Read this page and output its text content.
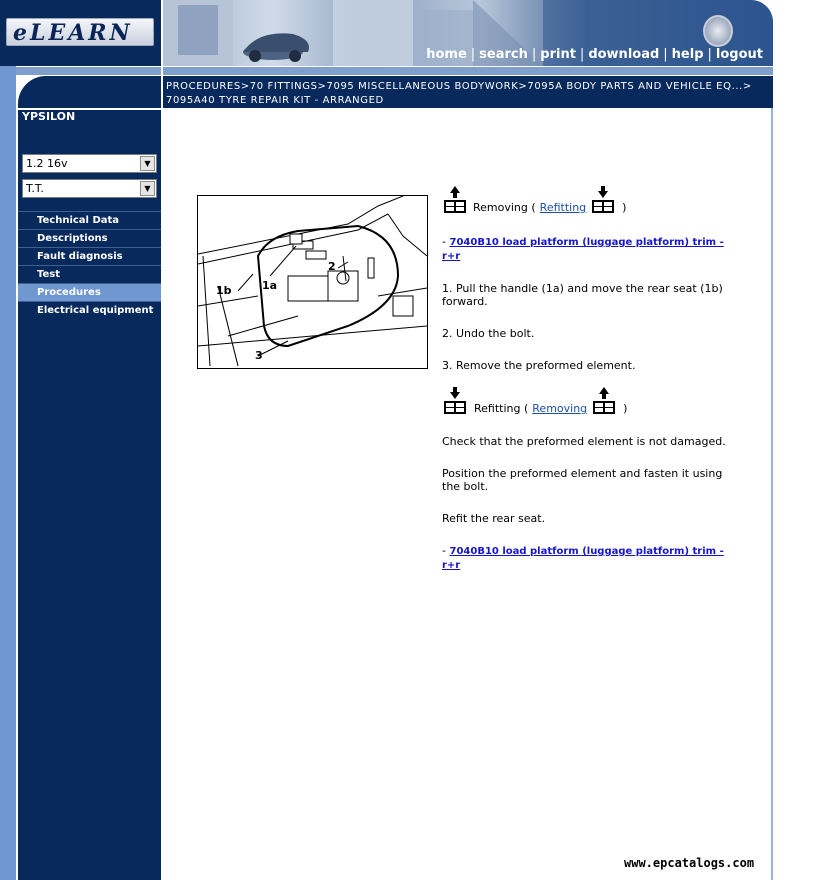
eLEARN
home | search | print | download | help | logout
YPSILON
1.2 16v	▼
T.T.	▼
Technical Data
Descriptions
Fault diagnosis
Test
Procedures
Electrical equipment
PROCEDURES>70 FITTINGS>7095 MISCELLANEOUS BODYWORK>7095A BODY PARTS AND VEHICLE EQ...>
7095A40 TYRE REPAIR KIT - ARRANGED
1b	1a
2
3
Removing ( Refitting	)
- 7040B10 load platform (luggage platform) trim -
r+r
1. Pull the handle (1a) and move the rear seat (1b) forward.
2. Undo the bolt.
3. Remove the preformed element.
Refitting ( Removing	)
Check that the preformed element is not damaged.
Position the preformed element and fasten it using the bolt.
Refit the rear seat.
- 7040B10 load platform (luggage platform) trim -
r+r
www.epcatalogs.com
